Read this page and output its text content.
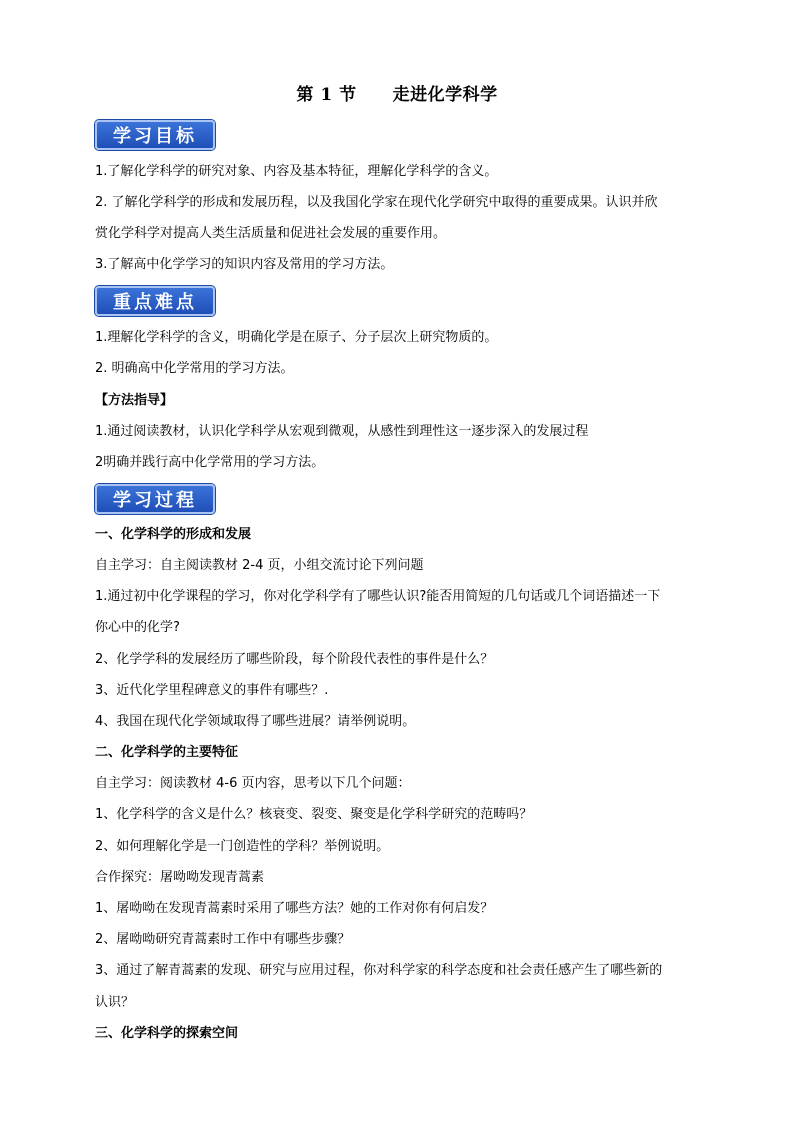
第 1 节 走进化学科学
学习目标
1.了解化学科学的研究对象、内容及基本特征，理解化学科学的含义。
2. 了解化学科学的形成和发展历程，以及我国化学家在现代化学研究中取得的重要成果。认识并欣
赏化学科学对提高人类生活质量和促进社会发展的重要作用。
3.了解高中化学学习的知识内容及常用的学习方法。
重点难点
1.理解化学科学的含义，明确化学是在原子、分子层次上研究物质的。
2. 明确高中化学常用的学习方法。
【方法指导】
1.通过阅读教材，认识化学科学从宏观到微观，从感性到理性这一逐步深入的发展过程
2明确并践行高中化学常用的学习方法。
学习过程
一、化学科学的形成和发展
自主学习：自主阅读教材 2-4 页，小组交流讨论下列问题
1.通过初中化学课程的学习，你对化学科学有了哪些认识?能否用简短的几句话或几个词语描述一下
你心中的化学?
2、化学学科的发展经历了哪些阶段，每个阶段代表性的事件是什么？
3、近代化学里程碑意义的事件有哪些？.
4、我国在现代化学领域取得了哪些进展？请举例说明。
二、化学科学的主要特征
自主学习：阅读教材 4-6 页内容，思考以下几个问题：
1、化学科学的含义是什么？核衰变、裂变、聚变是化学科学研究的范畴吗？
2、如何理解化学是一门创造性的学科？举例说明。
合作探究：屠呦呦发现青蒿素
1、屠呦呦在发现青蒿素时采用了哪些方法？她的工作对你有何启发？
2、屠呦呦研究青蒿素时工作中有哪些步骤？
3、通过了解青蒿素的发现、研究与应用过程，你对科学家的科学态度和社会责任感产生了哪些新的
认识？
三、化学科学的探索空间
